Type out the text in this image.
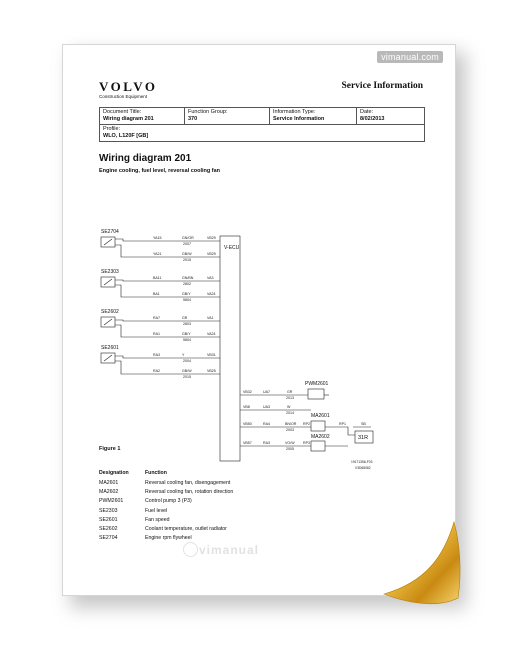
vimanual.com
VOLVO
Construction Equipment
Service Information
Document Title:
Wiring diagram 201

Function Group:
370

Information Type:
Service Information

Date:
8/02/2013

Profile:
WLO, L120F [GB]
Wiring diagram 201
Engine cooling, fuel level, reversal cooling fan
V-ECU
SE2704
SE2303
SE2602
SE2601
YA15	GN/OR
2007
VB29
YA21	GB/W
2015
VB29
BA11	GN/BN
2802
VA3
BA1	GB/Y
5804
VA24
RA7	GR
2803
VA1
RA1	GB/Y
5804
VA24
RA3	Y
2004
VB31
RA2	GB/W
2015
VB25
VB32	UA7	GR
2013
VB8	UA3	W
2014
VB50	RA4	BN/OR
2003
RP2
VB57	RA3	VO/W
2005
RP3
PWM2601
MA2601
RP1	SB
MA2602	31R
19171356-F03
V3D68082
Figure 1
Designation	Function
MA2601	Reversal cooling fan, disengagement
MA2602	Reversal cooling fan, rotation direction
PWM2601	Control pump 3 (P3)
SE2303	Fuel level
SE2601	Fan speed
SE2602	Coolant temperature, outlet radiator
SE2704	Engine rpm flywheel
vimanual
